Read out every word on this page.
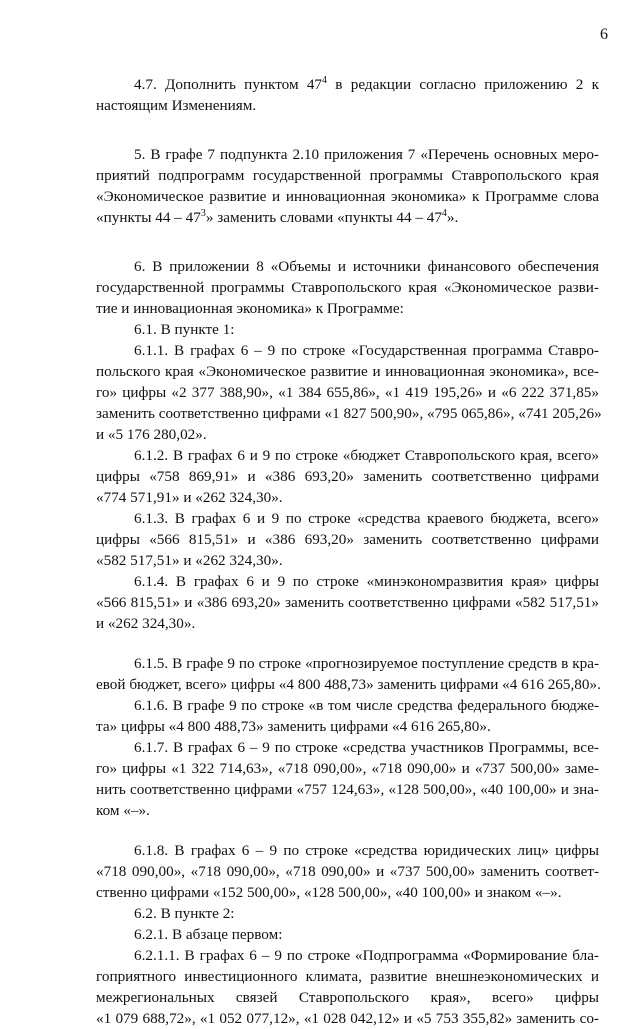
6
4.7. Дополнить пунктом $47^4$ в редакции согласно приложению 2 к
настоящим Изменениям.
5. В графе 7 подпункта 2.10 приложения 7 «Перечень основных меро-
приятий подпрограмм государственной программы Ставропольского края
«Экономическое развитие и инновационная экономика» к Программе слова
«пункты $44 - 47^3$» заменить словами «пункты $44 - 47^4$».
6. В приложении 8 «Объемы и источники финансового обеспечения
государственной программы Ставропольского края «Экономическое разви-
тие и инновационная экономика» к Программе:
6.1. В пункте 1:
6.1.1. В графах 6 – 9 по строке «Государственная программа Ставро-
польского края «Экономическое развитие и инновационная экономика», все-
го» цифры «2 377 388,90», «1 384 655,86», «1 419 195,26» и «6 222 371,85»
заменить соответственно цифрами «1 827 500,90», «795 065,86», «741 205,26»
и «5 176 280,02».
6.1.2. В графах 6 и 9 по строке «бюджет Ставропольского края, всего»
цифры «758 869,91» и «386 693,20» заменить соответственно цифрами
«774 571,91» и «262 324,30».
6.1.3. В графах 6 и 9 по строке «средства краевого бюджета, всего»
цифры «566 815,51» и «386 693,20» заменить соответственно цифрами
«582 517,51» и «262 324,30».
6.1.4. В графах 6 и 9 по строке «минэкономразвития края» цифры
«566 815,51» и «386 693,20» заменить соответственно цифрами «582 517,51»
и «262 324,30».
6.1.5. В графе 9 по строке «прогнозируемое поступление средств в кра-
евой бюджет, всего» цифры «4 800 488,73» заменить цифрами «4 616 265,80».
6.1.6. В графе 9 по строке «в том числе средства федерального бюдже-
та» цифры «4 800 488,73» заменить цифрами «4 616 265,80».
6.1.7. В графах 6 – 9 по строке «средства участников Программы, все-
го» цифры «1 322 714,63», «718 090,00», «718 090,00» и «737 500,00» заме-
нить соответственно цифрами «757 124,63», «128 500,00», «40 100,00» и зна-
ком «–».
6.1.8. В графах 6 – 9 по строке «средства юридических лиц» цифры
«718 090,00», «718 090,00», «718 090,00» и «737 500,00» заменить соответ-
ственно цифрами «152 500,00», «128 500,00», «40 100,00» и знаком «–».
6.2. В пункте 2:
6.2.1. В абзаце первом:
6.2.1.1. В графах 6 – 9 по строке «Подпрограмма «Формирование бла-
гоприятного инвестиционного климата, развитие внешнеэкономических и
межрегиональных связей Ставропольского края», всего» цифры
«1 079 688,72», «1 052 077,12», «1 028 042,12» и «5 753 355,82» заменить со-
